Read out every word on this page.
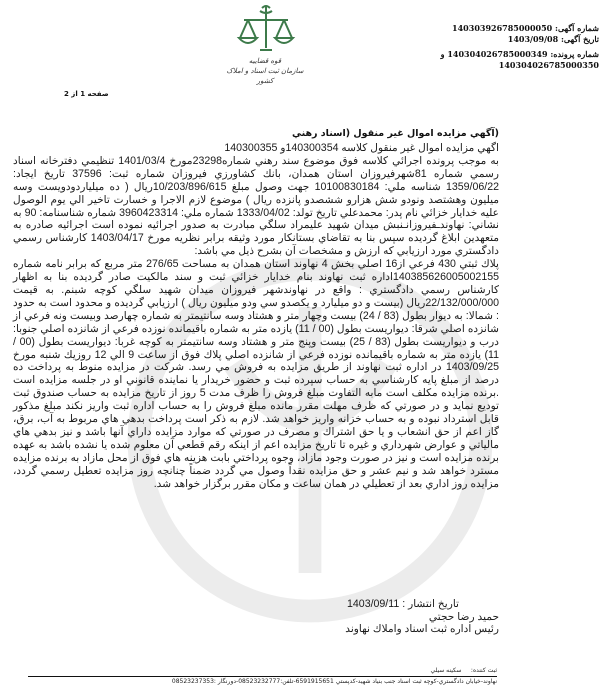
قوه قضاییه
سازمان ثبت اسناد و املاک کشور
صفحه 1 از 2
شماره آگهی: 140303926785000050
تاریخ آگهی: 1403/09/08
شماره پرونده: 140304026785000349 و
140304026785000350
(آگهي مزايده اموال غير منقول (اسناد رهني

اگهي مزايده اموال غير منقول كلاسه 140300354و 140300355

به موجب پرونده اجرائي كلاسه فوق موضوع سند رهني شماره23298مورخ 1401/03/4 تنظيمي دفترخانه اسناد رسمي شماره 81شهرفيروزان استان همدان، بانك كشاورزي فيروزان شماره ثبت: 37596 تاريخ ايجاد: 1359/06/22 شناسه ملي: 10100830184 جهت وصول مبلغ 10/203/896/615ريال ( ده ميلياردودويست وسه ميليون وهشتصد ونودو شش هزارو ششصدو پانزده ريال ) موضوع لازم الاجرا و خسارت تاخير الي يوم الوصول عليه خدايار خزائي نام پدر: محمدعلي تاريخ تولد: 1333/04/02 شماره ملي: 3960423314 شماره شناسنامه: 90 به نشاني: نهاوندـفيروزانـنبش ميدان شهيد عليمراد سلگي مبادرت به صدور اجرائيه نموده است اجرائيه صادره به متعهدين ابلاغ گرديده سپس بنا به تقاضاي بستانكار مورد وثيقه برابر نظريه مورخ 1403/04/17 كارشناس رسمي دادگستري مورد ارزيابي كه ارزش و مشخصات آن بشرح ذيل مي باشد:

پلاك ثبتي 430 فرعي از16 اصلي بخش 4 نهاوند استان همدان به مساحت 276/65 متر مربع كه برابر نامه شماره 140385626005002155اداره ثبت نهاوند بنام خدايار خزائي ثبت و سند مالكيت صادر گرديده بنا به اظهار كارشناس رسمي دادگستري : واقع در نهاوندشهر فيروزان ميدان شهيد سلگي كوچه شبنم. به قيمت 22/132/000/000ريال (بيست و دو ميليارد و يكصدو سي ودو ميليون ريال ) ارزيابي گرديده و محدود است به حدود : شمالا: به ديوار بطول (83 / 24) بيست وچهار متر و هشتاد وسه سانتيمتر به شماره چهارصد وبيست ونه فرعي از شانزده اصلي شرقا: ديواريست بطول (00 / 11) يازده متر به شماره باقيمانده نوزده فرعي از شانزده اصلي جنوبا: درب و ديواريست بطول (83 / 25) بيست وپنج متر و هشتاد وسه سانتيمتر به كوچه غربا: ديواريست بطول (00 / 11) يازده متر به شماره باقيمانده نوزده فرعي از شانزده اصلي پلاك فوق از ساعت 9 الي 12 روزيك شنبه مورخ 1403/09/25 در اداره ثبت نهاوند از طريق مزايده به فروش مي رسد. شركت در مزايده منوط به پرداخت ده درصد از مبلغ پايه كارشناسي به حساب سپرده ثبت و حضور خريدار يا نماينده قانوني او در جلسه مزايده است .برنده مزايده مكلف است مابه التفاوت مبلغ فروش را ظرف مدت 5 روز از تاريخ مزايده به حساب صندوق ثبت توديع نمايد و در صورتي كه ظرف مهلت مقرر مانده مبلغ فروش را به حساب اداره ثبت واريز نكند مبلغ مذكور قابل استرداد نبوده و به حساب خزانه واريز خواهد شد. لازم به ذكر است پرداخت بدهي هاي مربوط به آب، برق، گاز اعم از حق انشعاب و يا حق اشتراك و مصرف در صورتي كه موارد مزايده داراي آنها باشد و نيز بدهي هاي مالياتي و عوارض شهرداري و غيره تا تاريخ مزايده اعم از اينكه رقم قطعي آن معلوم شده يا نشده باشد به عهده برنده مزايده است و نيز در صورت وجود مازاد، وجوه پرداختي بابت هزينه هاي فوق از محل مازاد به برنده مزايده مسترد خواهد شد و نيم عشر و حق مزايده نقداً وصول مي گردد ضمناً چنانچه روز مزايده تعطيل رسمي گردد، مزايده روز اداري بعد از تعطيلي در همان ساعت و مكان مقرر برگزار خواهد شد.

تاريخ انتشار : 1403/09/11
حميد رضا حجتي
رئيس اداره ثبت اسناد واملاك نهاوند
ثبت كننده:     سكينه سيلي
نهاوند-خيابان دادگستري-كوچه ثبت اسناد جنب بنياد شهيد-كدپستي 6591915651-تلفن:08523232777-دورنگار :08523237353
